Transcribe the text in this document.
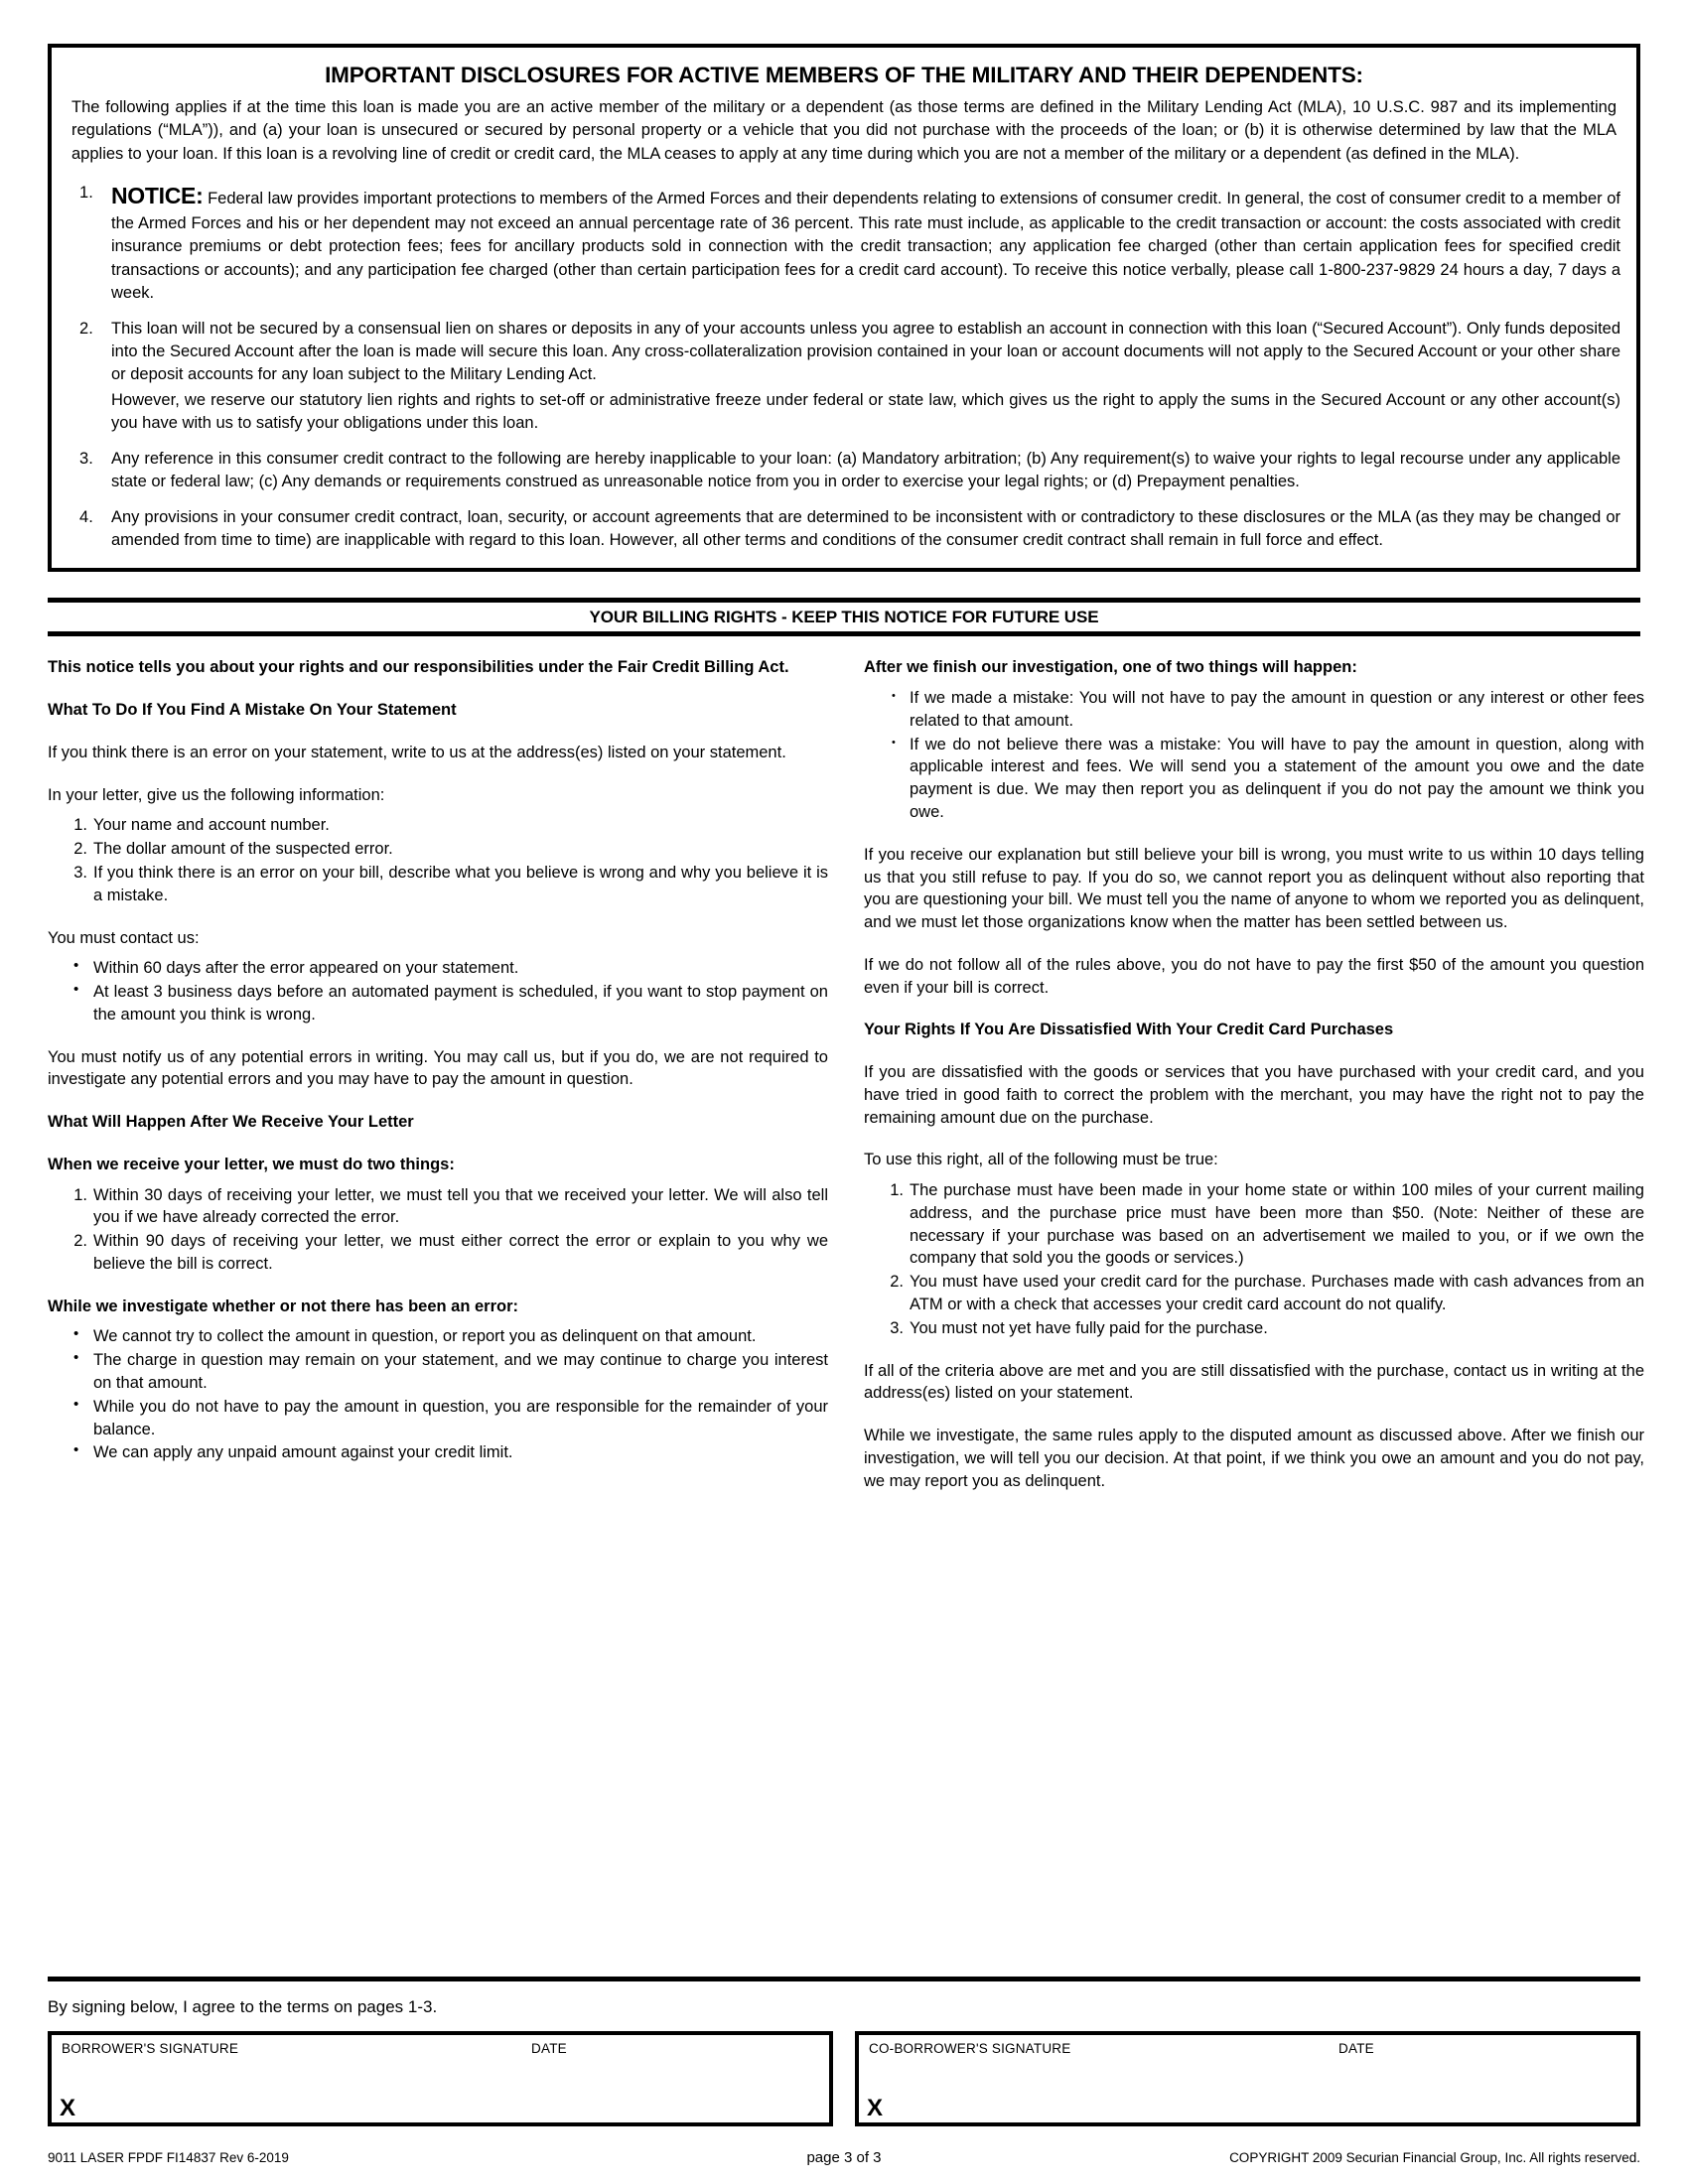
IMPORTANT DISCLOSURES FOR ACTIVE MEMBERS OF THE MILITARY AND THEIR DEPENDENTS:
The following applies if at the time this loan is made you are an active member of the military or a dependent (as those terms are defined in the Military Lending Act (MLA), 10 U.S.C. 987 and its implementing regulations (“MLA”)), and (a) your loan is unsecured or secured by personal property or a vehicle that you did not purchase with the proceeds of the loan; or (b) it is otherwise determined by law that the MLA applies to your loan. If this loan is a revolving line of credit or credit card, the MLA ceases to apply at any time during which you are not a member of the military or a dependent (as defined in the MLA).
NOTICE: Federal law provides important protections to members of the Armed Forces and their dependents relating to extensions of consumer credit. In general, the cost of consumer credit to a member of the Armed Forces and his or her dependent may not exceed an annual percentage rate of 36 percent. This rate must include, as applicable to the credit transaction or account: the costs associated with credit insurance premiums or debt protection fees; fees for ancillary products sold in connection with the credit transaction; any application fee charged (other than certain application fees for specified credit transactions or accounts); and any participation fee charged (other than certain participation fees for a credit card account). To receive this notice verbally, please call 1-800-237-9829 24 hours a day, 7 days a week.
This loan will not be secured by a consensual lien on shares or deposits in any of your accounts unless you agree to establish an account in connection with this loan (“Secured Account”). Only funds deposited into the Secured Account after the loan is made will secure this loan. Any cross-collateralization provision contained in your loan or account documents will not apply to the Secured Account or your other share or deposit accounts for any loan subject to the Military Lending Act.
However, we reserve our statutory lien rights and rights to set-off or administrative freeze under federal or state law, which gives us the right to apply the sums in the Secured Account or any other account(s) you have with us to satisfy your obligations under this loan.
Any reference in this consumer credit contract to the following are hereby inapplicable to your loan: (a) Mandatory arbitration; (b) Any requirement(s) to waive your rights to legal recourse under any applicable state or federal law; (c) Any demands or requirements construed as unreasonable notice from you in order to exercise your legal rights; or (d) Prepayment penalties.
Any provisions in your consumer credit contract, loan, security, or account agreements that are determined to be inconsistent with or contradictory to these disclosures or the MLA (as they may be changed or amended from time to time) are inapplicable with regard to this loan. However, all other terms and conditions of the consumer credit contract shall remain in full force and effect.
YOUR BILLING RIGHTS - KEEP THIS NOTICE FOR FUTURE USE

This notice tells you about your rights and our responsibilities under the Fair Credit Billing Act.

What To Do If You Find A Mistake On Your Statement

If you think there is an error on your statement, write to us at the address(es) listed on your statement.

In your letter, give us the following information:

Your name and account number.
The dollar amount of the suspected error.
If you think there is an error on your bill, describe what you believe is wrong and why you believe it is a mistake.

You must contact us:

• Within 60 days after the error appeared on your statement.
• At least 3 business days before an automated payment is scheduled, if you want to stop payment on the amount you think is wrong.

You must notify us of any potential errors in writing. You may call us, but if you do, we are not required to investigate any potential errors and you may have to pay the amount in question.

What Will Happen After We Receive Your Letter

When we receive your letter, we must do two things:

Within 30 days of receiving your letter, we must tell you that we received your letter. We will also tell you if we have already corrected the error.
Within 90 days of receiving your letter, we must either correct the error or explain to you why we believe the bill is correct.

While we investigate whether or not there has been an error:

• We cannot try to collect the amount in question, or report you as delinquent on that amount.
• The charge in question may remain on your statement, and we may continue to charge you interest on that amount.
• While you do not have to pay the amount in question, you are responsible for the remainder of your balance.
• We can apply any unpaid amount against your credit limit.

After we finish our investigation, one of two things will happen:

• If we made a mistake: You will not have to pay the amount in question or any interest or other fees related to that amount.
• If we do not believe there was a mistake: You will have to pay the amount in question, along with applicable interest and fees. We will send you a statement of the amount you owe and the date payment is due. We may then report you as delinquent if you do not pay the amount we think you owe.

If you receive our explanation but still believe your bill is wrong, you must write to us within 10 days telling us that you still refuse to pay. If you do so, we cannot report you as delinquent without also reporting that you are questioning your bill. We must tell you the name of anyone to whom we reported you as delinquent, and we must let those organizations know when the matter has been settled between us.

If we do not follow all of the rules above, you do not have to pay the first $50 of the amount you question even if your bill is correct.

Your Rights If You Are Dissatisfied With Your Credit Card Purchases

If you are dissatisfied with the goods or services that you have purchased with your credit card, and you have tried in good faith to correct the problem with the merchant, you may have the right not to pay the remaining amount due on the purchase.

To use this right, all of the following must be true:

The purchase must have been made in your home state or within 100 miles of your current mailing address, and the purchase price must have been more than $50. (Note: Neither of these are necessary if your purchase was based on an advertisement we mailed to you, or if we own the company that sold you the goods or services.)
You must have used your credit card for the purchase. Purchases made with cash advances from an ATM or with a check that accesses your credit card account do not qualify.
You must not yet have fully paid for the purchase.

If all of the criteria above are met and you are still dissatisfied with the purchase, contact us in writing at the address(es) listed on your statement.

While we investigate, the same rules apply to the disputed amount as discussed above. After we finish our investigation, we will tell you our decision. At that point, if we think you owe an amount and you do not pay, we may report you as delinquent.

By signing below, I agree to the terms on pages 1-3.
BORROWER'S SIGNATURE	DATE
X
CO-BORROWER'S SIGNATURE	DATE
X
9011 LASER FPDF FI14837 Rev 6-2019	page 3 of 3	COPYRIGHT 2009 Securian Financial Group, Inc. All rights reserved.
